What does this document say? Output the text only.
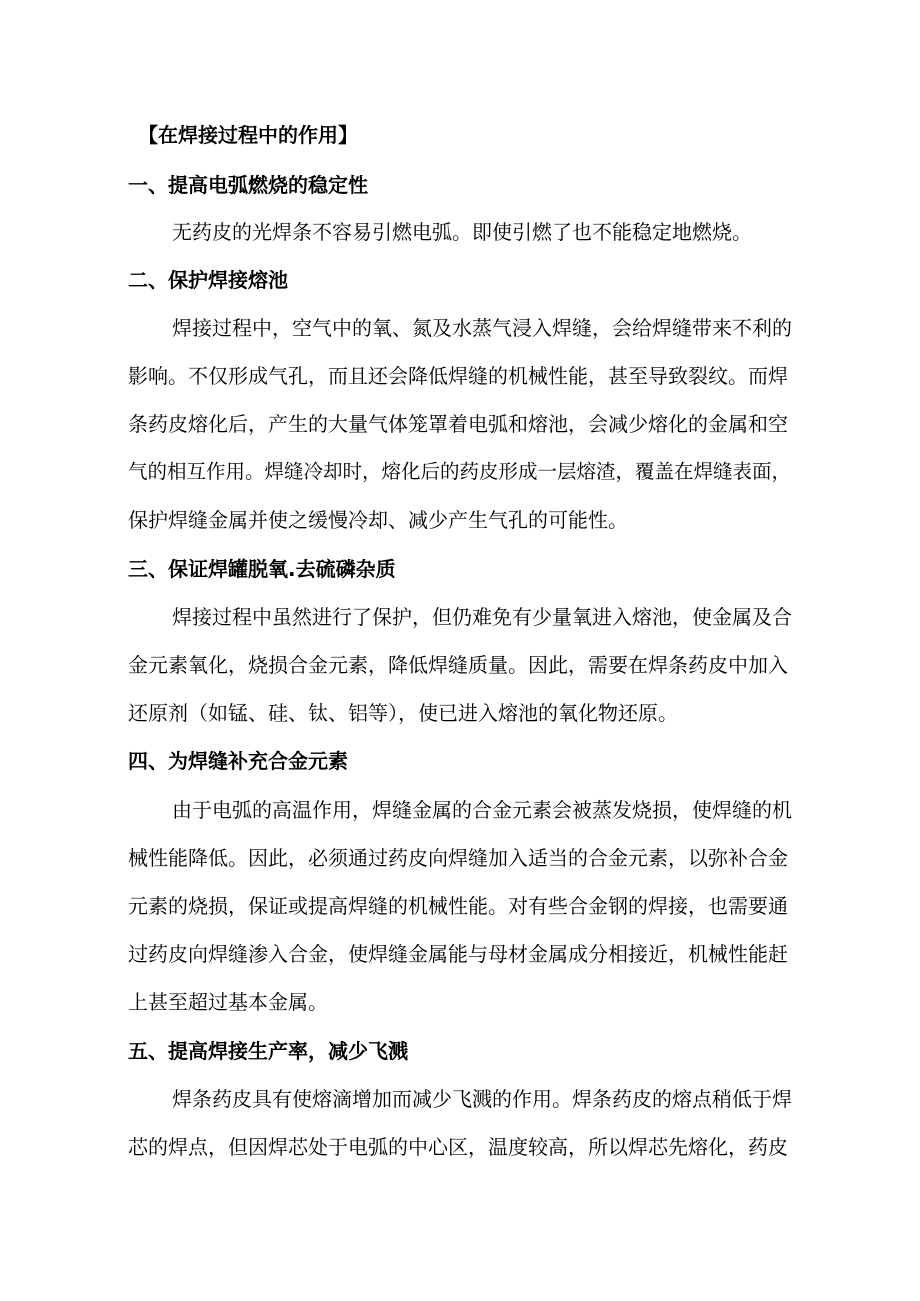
【在焊接过程中的作用】
一、提高电弧燃烧的稳定性
无药皮的光焊条不容易引燃电弧。即使引燃了也不能稳定地燃烧。
二、保护焊接熔池
焊接过程中，空气中的氧、氮及水蒸气浸入焊缝，会给焊缝带来不利的
影响。不仅形成气孔，而且还会降低焊缝的机械性能，甚至导致裂纹。而焊
条药皮熔化后，产生的大量气体笼罩着电弧和熔池，会减少熔化的金属和空
气的相互作用。焊缝冷却时，熔化后的药皮形成一层熔渣，覆盖在焊缝表面，
保护焊缝金属并使之缓慢冷却、减少产生气孔的可能性。
三、保证焊罐脱氧.去硫磷杂质
焊接过程中虽然进行了保护，但仍难免有少量氧进入熔池，使金属及合
金元素氧化，烧损合金元素，降低焊缝质量。因此，需要在焊条药皮中加入
还原剂（如锰、硅、钛、铝等），使已进入熔池的氧化物还原。
四、为焊缝补充合金元素
由于电弧的高温作用，焊缝金属的合金元素会被蒸发烧损，使焊缝的机
械性能降低。因此，必须通过药皮向焊缝加入适当的合金元素，以弥补合金
元素的烧损，保证或提高焊缝的机械性能。对有些合金钢的焊接，也需要通
过药皮向焊缝渗入合金，使焊缝金属能与母材金属成分相接近，机械性能赶
上甚至超过基本金属。
五、提高焊接生产率，减少飞溅
焊条药皮具有使熔滴增加而减少飞溅的作用。焊条药皮的熔点稍低于焊
芯的焊点，但因焊芯处于电弧的中心区，温度较高，所以焊芯先熔化，药皮
